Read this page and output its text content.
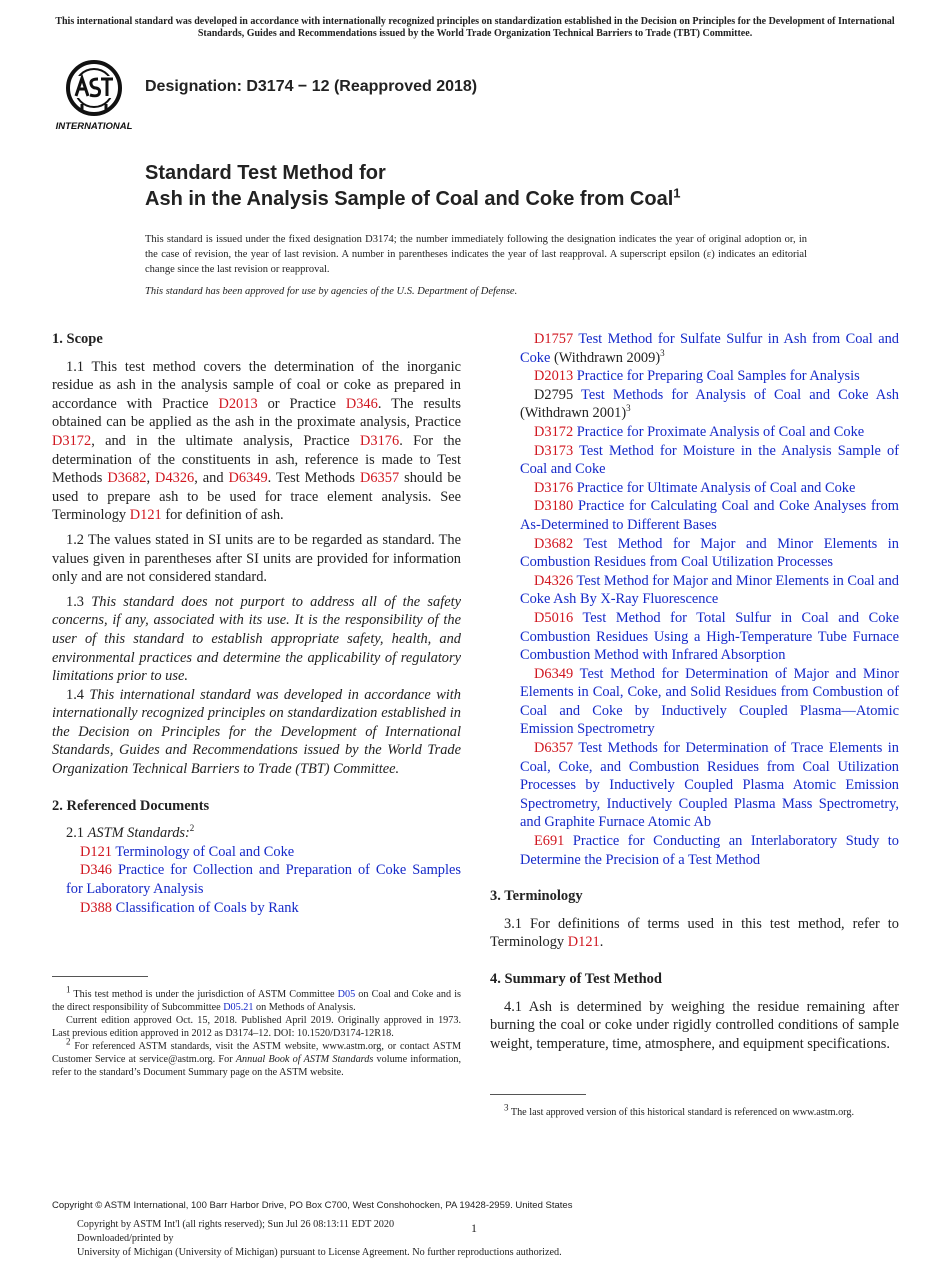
This international standard was developed in accordance with internationally recognized principles on standardization established in the Decision on Principles for the Development of International Standards, Guides and Recommendations issued by the World Trade Organization Technical Barriers to Trade (TBT) Committee.
INTERNATIONAL
Designation: D3174 − 12 (Reapproved 2018)
Standard Test Method for
Ash in the Analysis Sample of Coal and Coke from Coal$^1$
This standard is issued under the fixed designation D3174; the number immediately following the designation indicates the year of original adoption or, in the case of revision, the year of last revision. A number in parentheses indicates the year of last reapproval. A superscript epsilon (ε) indicates an editorial change since the last revision or reapproval.
This standard has been approved for use by agencies of the U.S. Department of Defense.
1. Scope

1.1 This test method covers the determination of the inorganic residue as ash in the analysis sample of coal or coke as prepared in accordance with Practice D2013 or Practice D346. The results obtained can be applied as the ash in the proximate analysis, Practice D3172, and in the ultimate analysis, Practice D3176. For the determination of the constituents in ash, reference is made to Test Methods D3682, D4326, and D6349. Test Methods D6357 should be used to prepare ash to be used for trace element analysis. See Terminology D121 for definition of ash.

1.2 The values stated in SI units are to be regarded as standard. The values given in parentheses after SI units are provided for information only and are not considered standard.

1.3 This standard does not purport to address all of the safety concerns, if any, associated with its use. It is the responsibility of the user of this standard to establish appropriate safety, health, and environmental practices and determine the applicability of regulatory limitations prior to use.

1.4 This international standard was developed in accordance with internationally recognized principles on standardization established in the Decision on Principles for the Development of International Standards, Guides and Recommendations issued by the World Trade Organization Technical Barriers to Trade (TBT) Committee.

2. Referenced Documents

2.1 ASTM Standards:$^2$

D121 Terminology of Coal and Coke

D346 Practice for Collection and Preparation of Coke Samples for Laboratory Analysis

D388 Classification of Coals by Rank

$^1$ This test method is under the jurisdiction of ASTM Committee D05 on Coal and Coke and is the direct responsibility of Subcommittee D05.21 on Methods of Analysis.

Current edition approved Oct. 15, 2018. Published April 2019. Originally approved in 1973. Last previous edition approved in 2012 as D3174–12. DOI: 10.1520/D3174-12R18.

$^2$ For referenced ASTM standards, visit the ASTM website, www.astm.org, or contact ASTM Customer Service at service@astm.org. For Annual Book of ASTM Standards volume information, refer to the standard’s Document Summary page on the ASTM website.

D1757 Test Method for Sulfate Sulfur in Ash from Coal and Coke (Withdrawn 2009)$^3$

D2013 Practice for Preparing Coal Samples for Analysis

D2795 Test Methods for Analysis of Coal and Coke Ash (Withdrawn 2001)$^3$

D3172 Practice for Proximate Analysis of Coal and Coke

D3173 Test Method for Moisture in the Analysis Sample of Coal and Coke

D3176 Practice for Ultimate Analysis of Coal and Coke

D3180 Practice for Calculating Coal and Coke Analyses from As-Determined to Different Bases

D3682 Test Method for Major and Minor Elements in Combustion Residues from Coal Utilization Processes

D4326 Test Method for Major and Minor Elements in Coal and Coke Ash By X-Ray Fluorescence

D5016 Test Method for Total Sulfur in Coal and Coke Combustion Residues Using a High-Temperature Tube Furnace Combustion Method with Infrared Absorption

D6349 Test Method for Determination of Major and Minor Elements in Coal, Coke, and Solid Residues from Combustion of Coal and Coke by Inductively Coupled Plasma—Atomic Emission Spectrometry

D6357 Test Methods for Determination of Trace Elements in Coal, Coke, and Combustion Residues from Coal Utilization Processes by Inductively Coupled Plasma Atomic Emission Spectrometry, Inductively Coupled Plasma Mass Spectrometry, and Graphite Furnace Atomic Ab

E691 Practice for Conducting an Interlaboratory Study to Determine the Precision of a Test Method

3. Terminology

3.1 For definitions of terms used in this test method, refer to Terminology D121.

4. Summary of Test Method

4.1 Ash is determined by weighing the residue remaining after burning the coal or coke under rigidly controlled conditions of sample weight, temperature, time, atmosphere, and equipment specifications.

$^3$ The last approved version of this historical standard is referenced on www.astm.org.

Copyright © ASTM International, 100 Barr Harbor Drive, PO Box C700, West Conshohocken, PA 19428-2959. United States
Copyright by ASTM Int'l (all rights reserved); Sun Jul 26 08:13:11 EDT 2020	1
Downloaded/printed by
University of Michigan (University of Michigan) pursuant to License Agreement. No further reproductions authorized.
